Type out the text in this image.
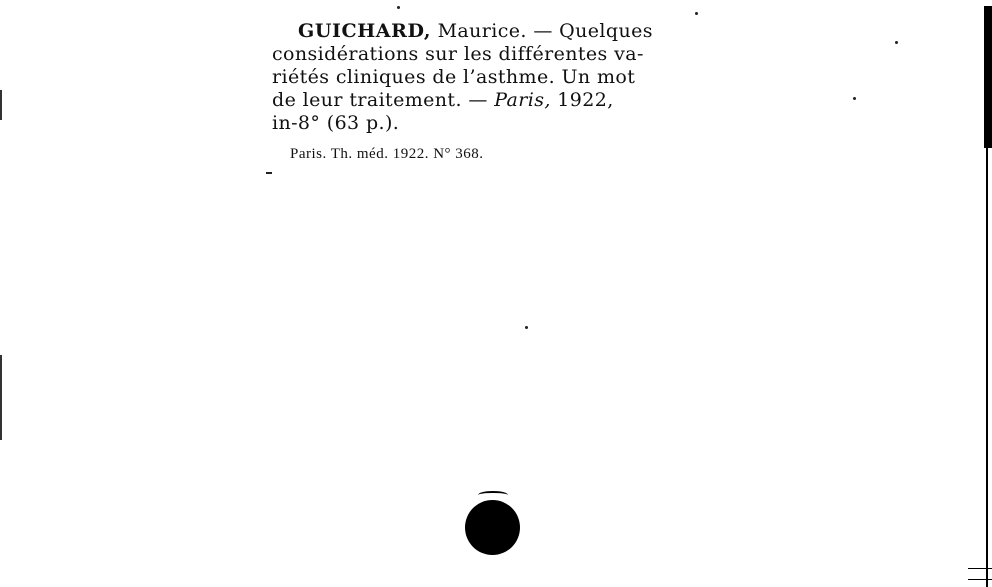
GUICHARD, Maurice. — Quelques
considérations sur les différentes va-
riétés cliniques de l’asthme. Un mot
de leur traitement. — Paris, 1922,
in-8° (63 p.).
Paris. Th. méd. 1922. N° 368.
